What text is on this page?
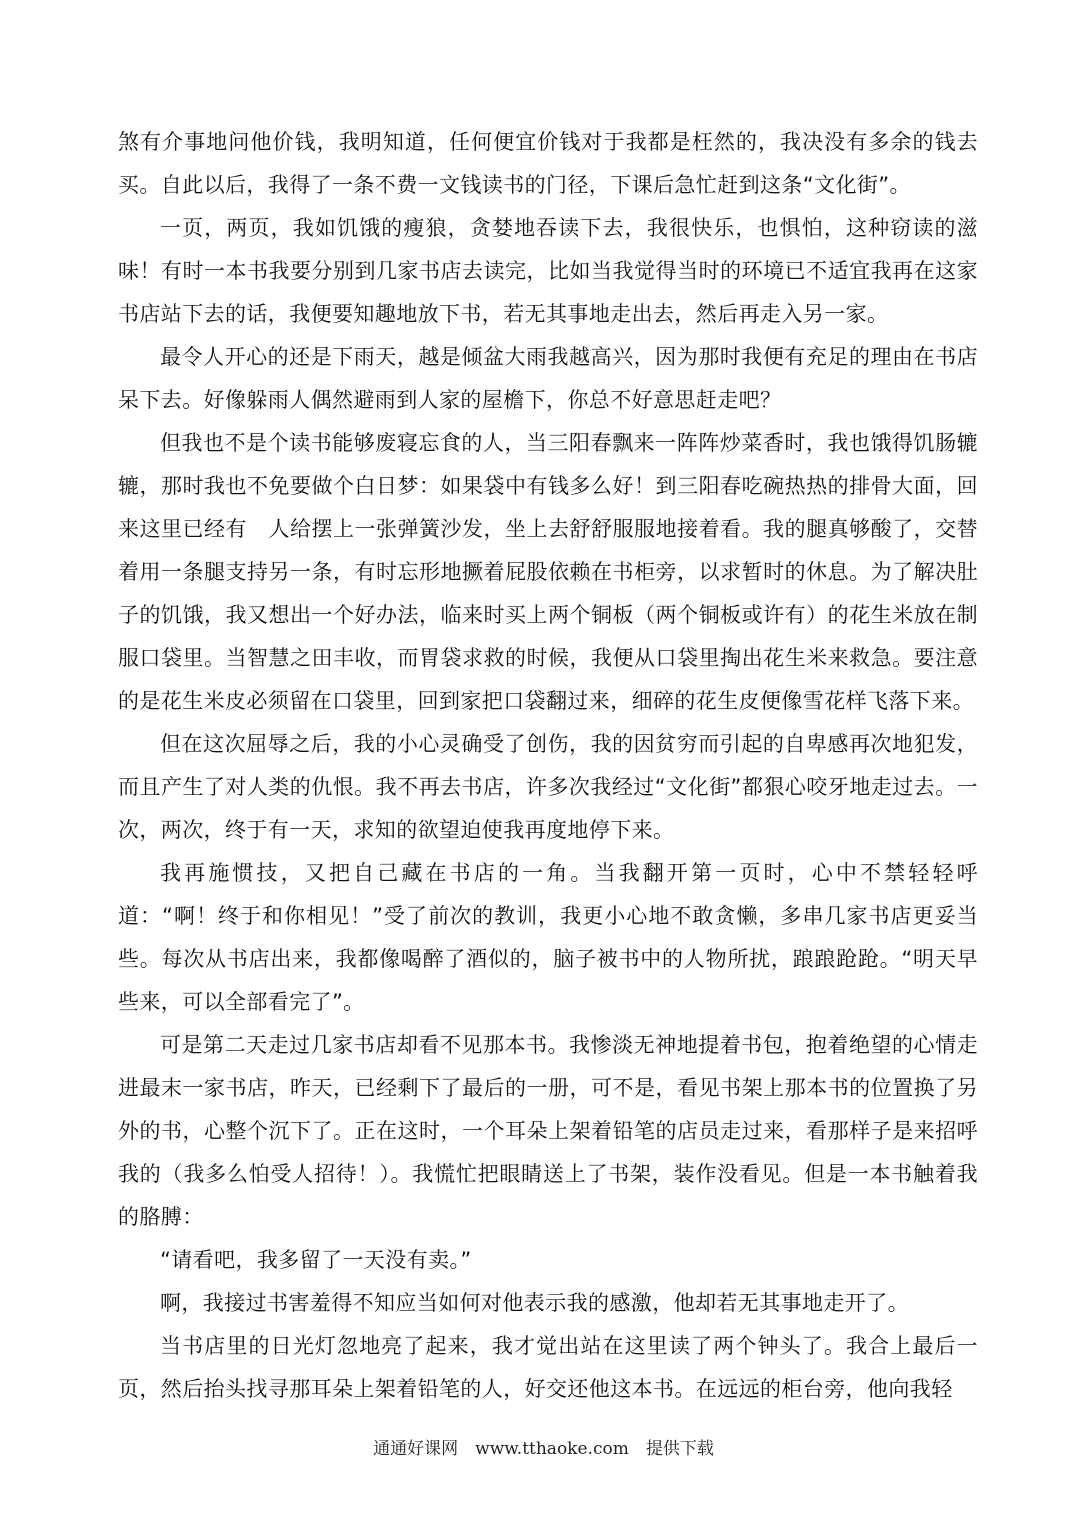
煞有介事地问他价钱，我明知道，任何便宜价钱对于我都是枉然的，我决没有多余的钱去买。自此以后，我得了一条不费一文钱读书的门径，下课后急忙赶到这条“文化街”。

一页，两页，我如饥饿的瘦狼，贪婪地吞读下去，我很快乐，也惧怕，这种窃读的滋味！有时一本书我要分别到几家书店去读完，比如当我觉得当时的环境已不适宜我再在这家书店站下去的话，我便要知趣地放下书，若无其事地走出去，然后再走入另一家。

最令人开心的还是下雨天，越是倾盆大雨我越高兴，因为那时我便有充足的理由在书店呆下去。好像躲雨人偶然避雨到人家的屋檐下，你总不好意思赶走吧？

但我也不是个读书能够废寝忘食的人，当三阳春飘来一阵阵炒菜香时，我也饿得饥肠辘辘，那时我也不免要做个白日梦：如果袋中有钱多么好！到三阳春吃碗热热的排骨大面，回来这里已经有　人给摆上一张弹簧沙发，坐上去舒舒服服地接着看。我的腿真够酸了，交替着用一条腿支持另一条，有时忘形地撅着屁股依赖在书柜旁，以求暂时的休息。为了解决肚子的饥饿，我又想出一个好办法，临来时买上两个铜板（两个铜板或许有）的花生米放在制服口袋里。当智慧之田丰收，而胃袋求救的时候，我便从口袋里掏出花生米来救急。要注意的是花生米皮必须留在口袋里，回到家把口袋翻过来，细碎的花生皮便像雪花样飞落下来。

但在这次屈辱之后，我的小心灵确受了创伤，我的因贫穷而引起的自卑感再次地犯发，而且产生了对人类的仇恨。我不再去书店，许多次我经过“文化街”都狠心咬牙地走过去。一次，两次，终于有一天，求知的欲望迫使我再度地停下来。

我再施惯技，又把自己藏在书店的一角。当我翻开第一页时，心中不禁轻轻呼道：“啊！终于和你相见！”受了前次的教训，我更小心地不敢贪懒，多串几家书店更妥当些。每次从书店出来，我都像喝醉了酒似的，脑子被书中的人物所扰，踉踉跄跄。“明天早些来，可以全部看完了”。

可是第二天走过几家书店却看不见那本书。我惨淡无神地提着书包，抱着绝望的心情走进最末一家书店，昨天，已经剩下了最后的一册，可不是，看见书架上那本书的位置换了另外的书，心整个沉下了。正在这时，一个耳朵上架着铅笔的店员走过来，看那样子是来招呼我的（我多么怕受人招待！）。我慌忙把眼睛送上了书架，装作没看见。但是一本书触着我的胳膊：

“请看吧，我多留了一天没有卖。”

啊，我接过书害羞得不知应当如何对他表示我的感激，他却若无其事地走开了。

当书店里的日光灯忽地亮了起来，我才觉出站在这里读了两个钟头了。我合上最后一页，然后抬头找寻那耳朵上架着铅笔的人，好交还他这本书。在远远的柜台旁，他向我轻

通通好课网　www.tthaoke.com　提供下载
